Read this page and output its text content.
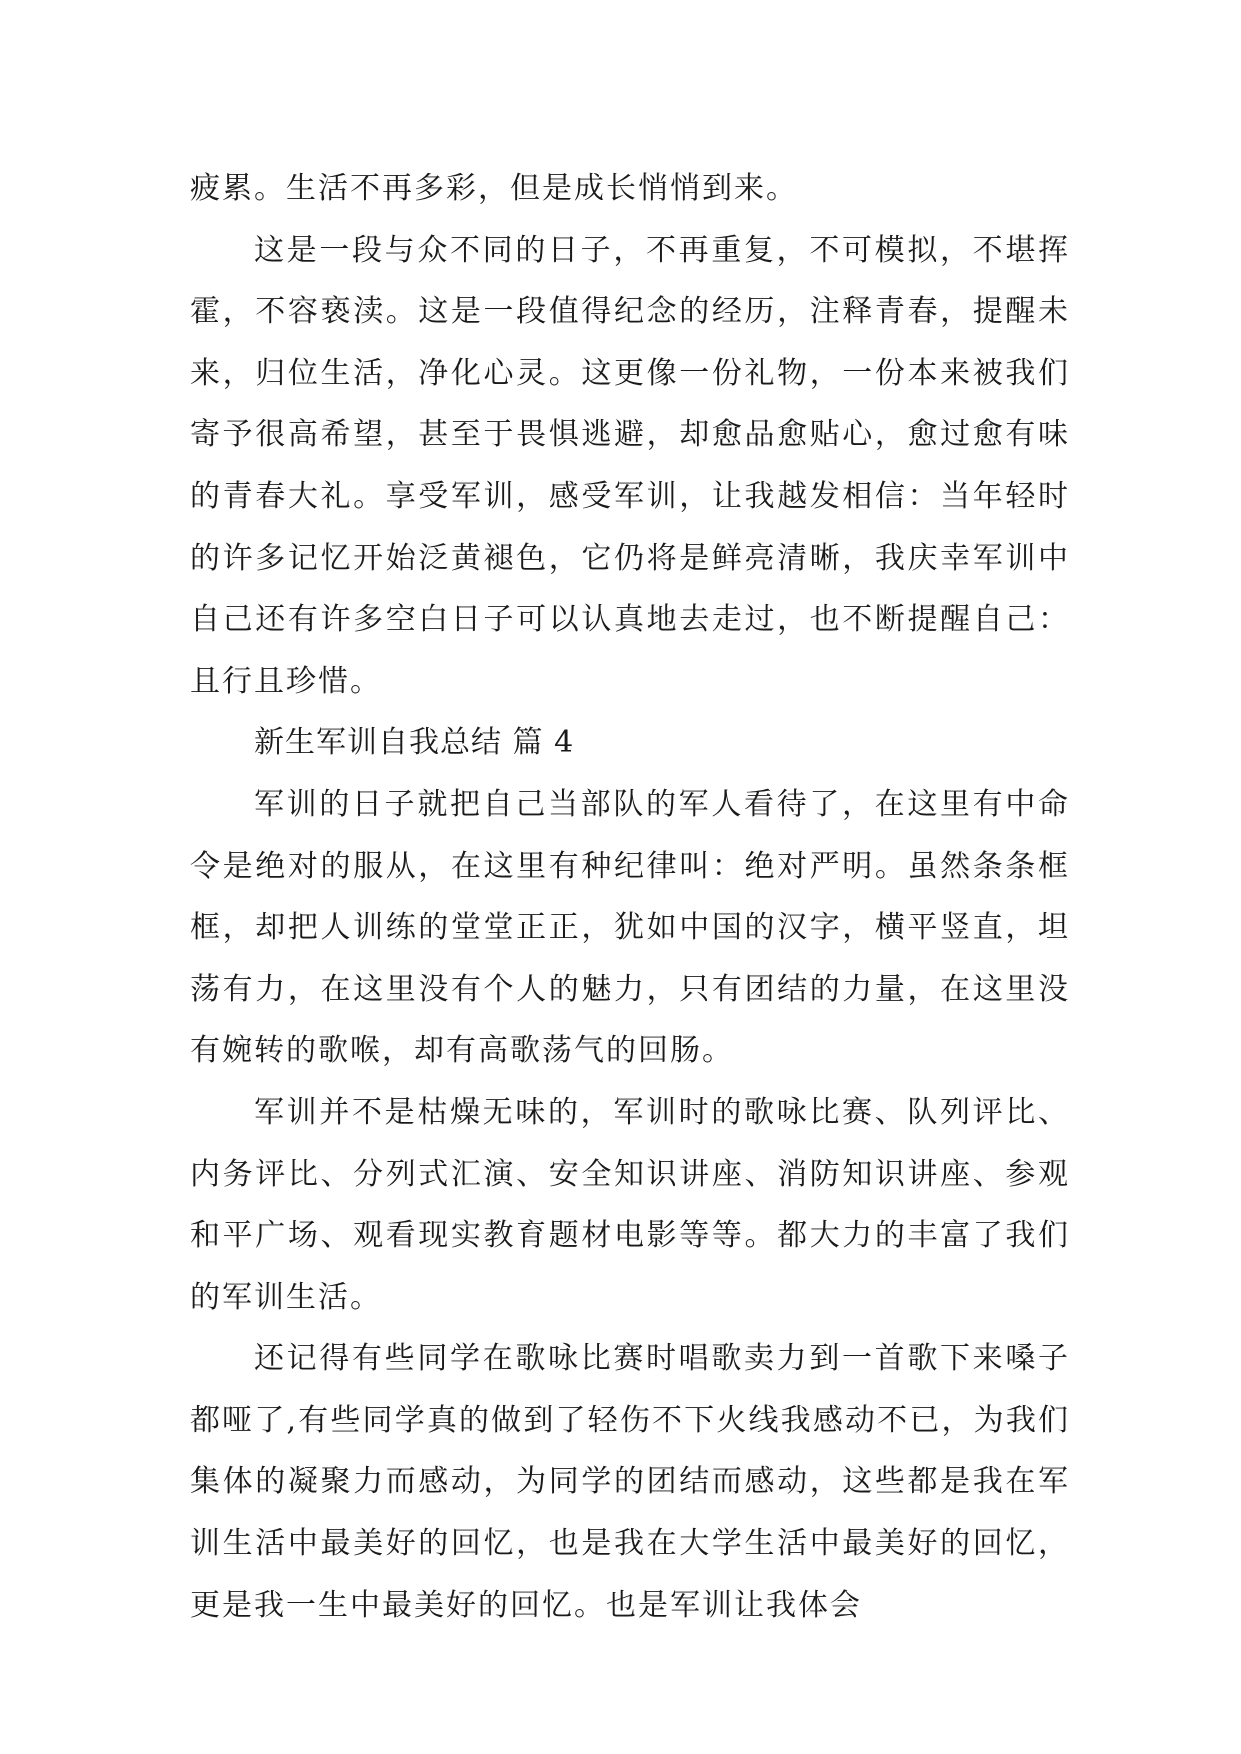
疲累。生活不再多彩，但是成长悄悄到来。

这是一段与众不同的日子，不再重复，不可模拟，不堪挥霍，不容亵渎。这是一段值得纪念的经历，注释青春，提醒未来，归位生活，净化心灵。这更像一份礼物，一份本来被我们寄予很高希望，甚至于畏惧逃避，却愈品愈贴心，愈过愈有味的青春大礼。享受军训，感受军训，让我越发相信：当年轻时的许多记忆开始泛黄褪色，它仍将是鲜亮清晰，我庆幸军训中自己还有许多空白日子可以认真地去走过，也不断提醒自己：且行且珍惜。

新生军训自我总结 篇 4

军训的日子就把自己当部队的军人看待了，在这里有中命令是绝对的服从，在这里有种纪律叫：绝对严明。虽然条条框框，却把人训练的堂堂正正，犹如中国的汉字，横平竖直，坦荡有力，在这里没有个人的魅力，只有团结的力量，在这里没有婉转的歌喉，却有高歌荡气的回肠。

军训并不是枯燥无味的，军训时的歌咏比赛、队列评比、内务评比、分列式汇演、安全知识讲座、消防知识讲座、参观和平广场、观看现实教育题材电影等等。都大力的丰富了我们的军训生活。

还记得有些同学在歌咏比赛时唱歌卖力到一首歌下来嗓子都哑了,有些同学真的做到了轻伤不下火线我感动不已，为我们集体的凝聚力而感动，为同学的团结而感动，这些都是我在军训生活中最美好的回忆，也是我在大学生活中最美好的回忆，更是我一生中最美好的回忆。也是军训让我体会
